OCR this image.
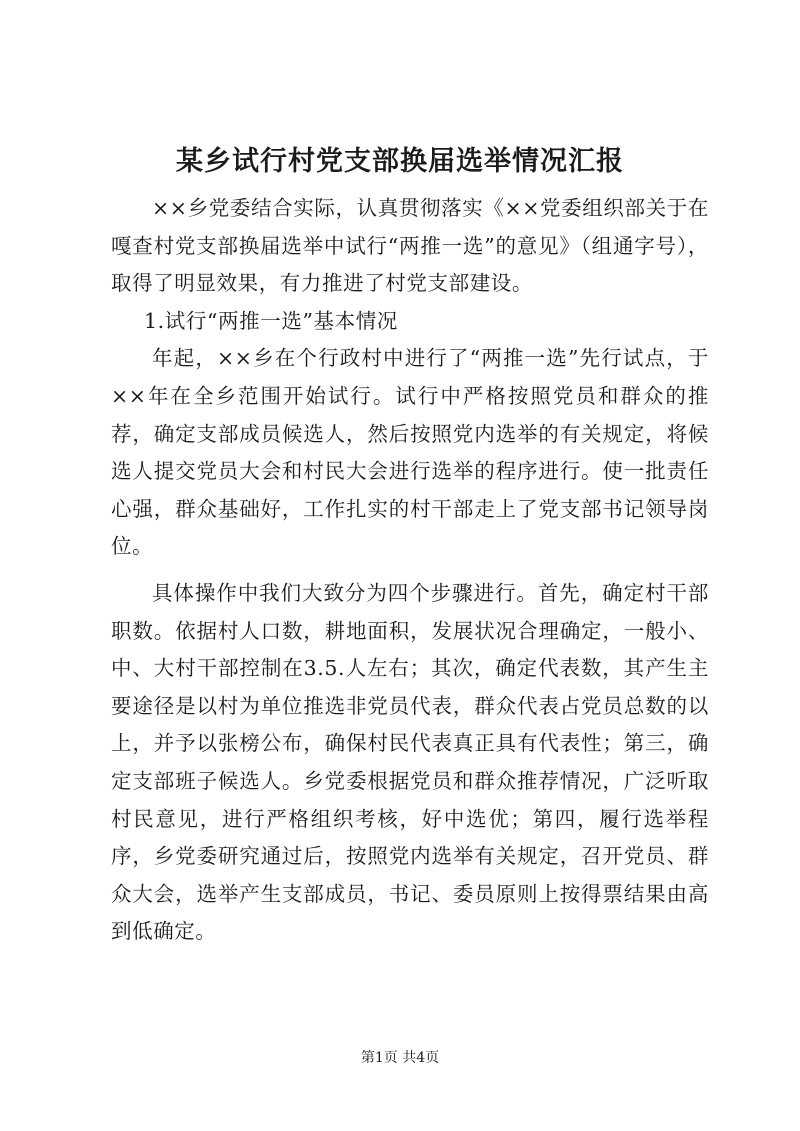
某乡试行村党支部换届选举情况汇报

××乡党委结合实际，认真贯彻落实《××党委组织部关于在嘎查村党支部换届选举中试行“两推一选”的意见》（组通字号），取得了明显效果，有力推进了村党支部建设。

1.试行“两推一选”基本情况

年起，××乡在个行政村中进行了“两推一选”先行试点，于××年在全乡范围开始试行。试行中严格按照党员和群众的推荐，确定支部成员候选人，然后按照党内选举的有关规定，将候选人提交党员大会和村民大会进行选举的程序进行。使一批责任心强，群众基础好，工作扎实的村干部走上了党支部书记领导岗位。

具体操作中我们大致分为四个步骤进行。首先，确定村干部职数。依据村人口数，耕地面积，发展状况合理确定，一般小、中、大村干部控制在3.5.人左右；其次，确定代表数，其产生主要途径是以村为单位推选非党员代表，群众代表占党员总数的以上，并予以张榜公布，确保村民代表真正具有代表性；第三，确定支部班子候选人。乡党委根据党员和群众推荐情况，广泛听取村民意见，进行严格组织考核，好中选优；第四，履行选举程序，乡党委研究通过后，按照党内选举有关规定，召开党员、群众大会，选举产生支部成员，书记、委员原则上按得票结果由高到低确定。

第1页 共4页
